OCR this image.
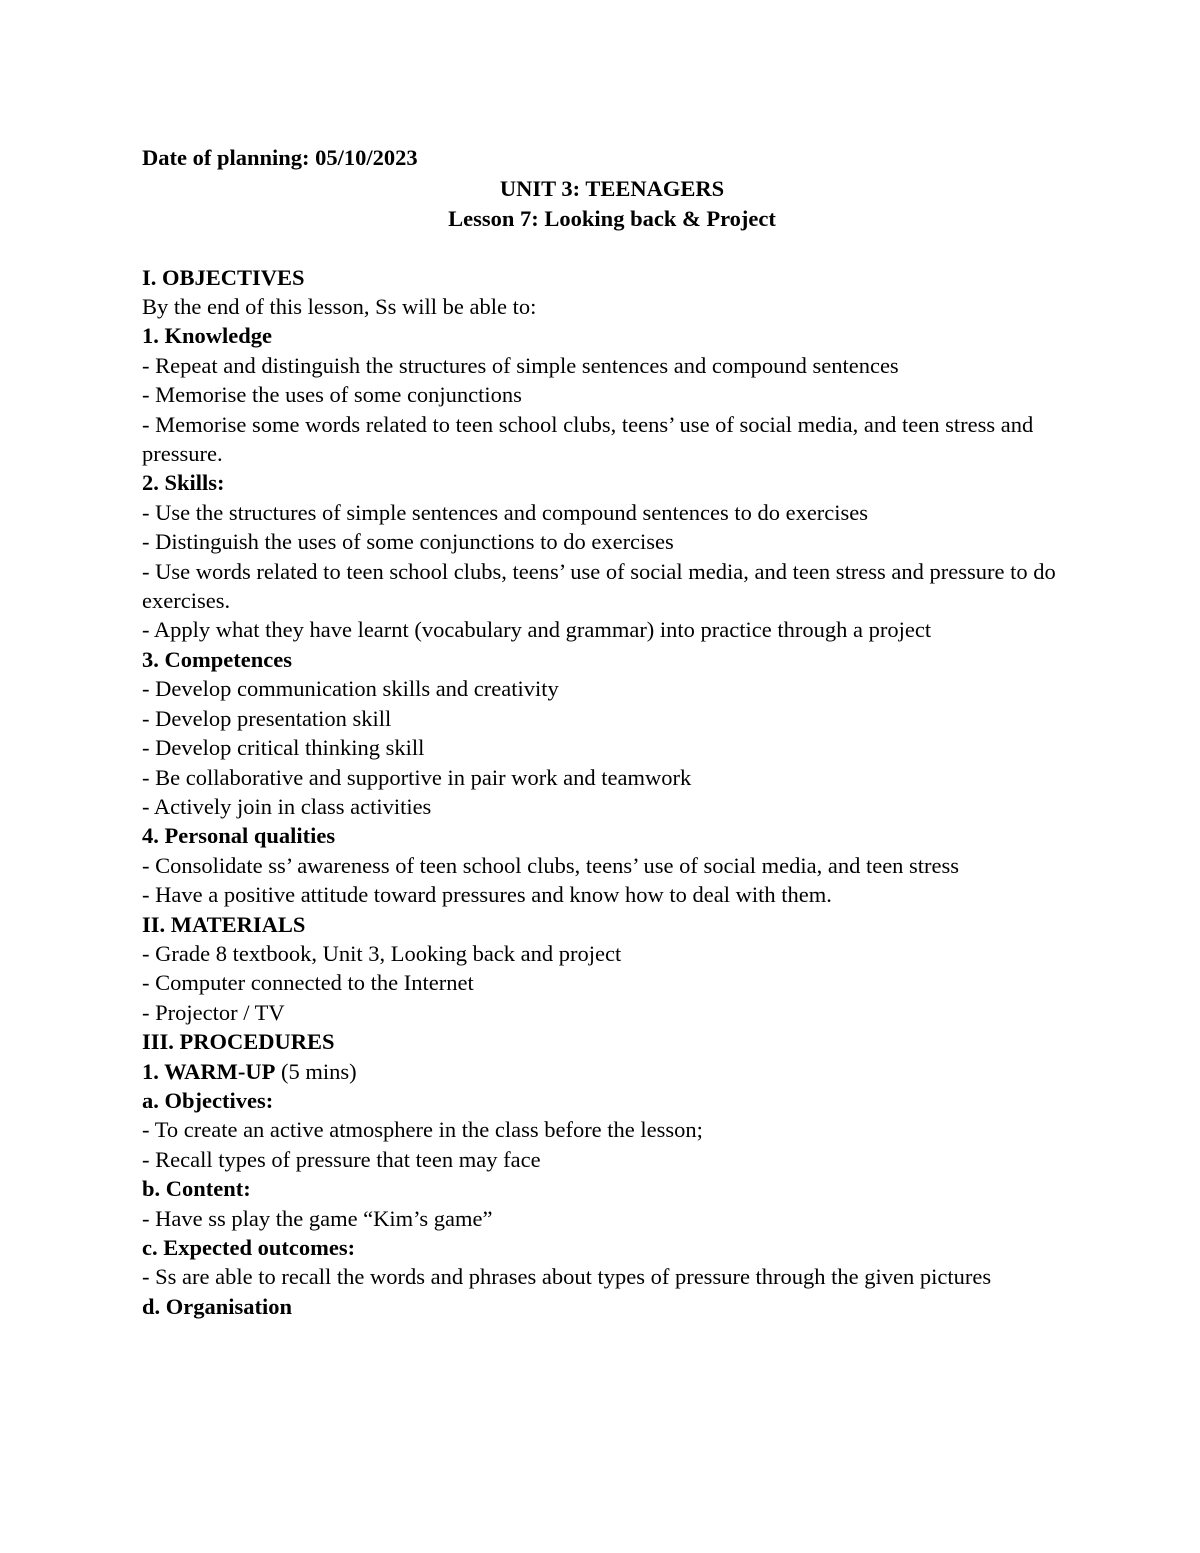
Date of planning: 05/10/2023

UNIT 3: TEENAGERS

Lesson 7: Looking back & Project

I. OBJECTIVES

By the end of this lesson, Ss will be able to:

1. Knowledge

- Repeat and distinguish the structures of simple sentences and compound sentences

- Memorise the uses of some conjunctions

- Memorise some words related to teen school clubs, teens’ use of social media, and teen stress and pressure.

2. Skills:

- Use the structures of simple sentences and compound sentences to do exercises

- Distinguish the uses of some conjunctions to do exercises

- Use words related to teen school clubs, teens’ use of social media, and teen stress and pressure to do exercises.

- Apply what they have learnt (vocabulary and grammar) into practice through a project

3. Competences

- Develop communication skills and creativity

- Develop presentation skill

- Develop critical thinking skill

- Be collaborative and supportive in pair work and teamwork

- Actively join in class activities

4. Personal qualities

- Consolidate ss’ awareness of teen school clubs, teens’ use of social media, and teen stress

- Have a positive attitude toward pressures and know how to deal with them.

II. MATERIALS

- Grade 8 textbook, Unit 3, Looking back and project

- Computer connected to the Internet

- Projector / TV

III. PROCEDURES

1. WARM-UP (5 mins)

a. Objectives:

- To create an active atmosphere in the class before the lesson;

- Recall types of pressure that teen may face

b. Content:

- Have ss play the game “Kim’s game”

c. Expected outcomes:

- Ss are able to recall the words and phrases about types of pressure through the given pictures

d. Organisation
